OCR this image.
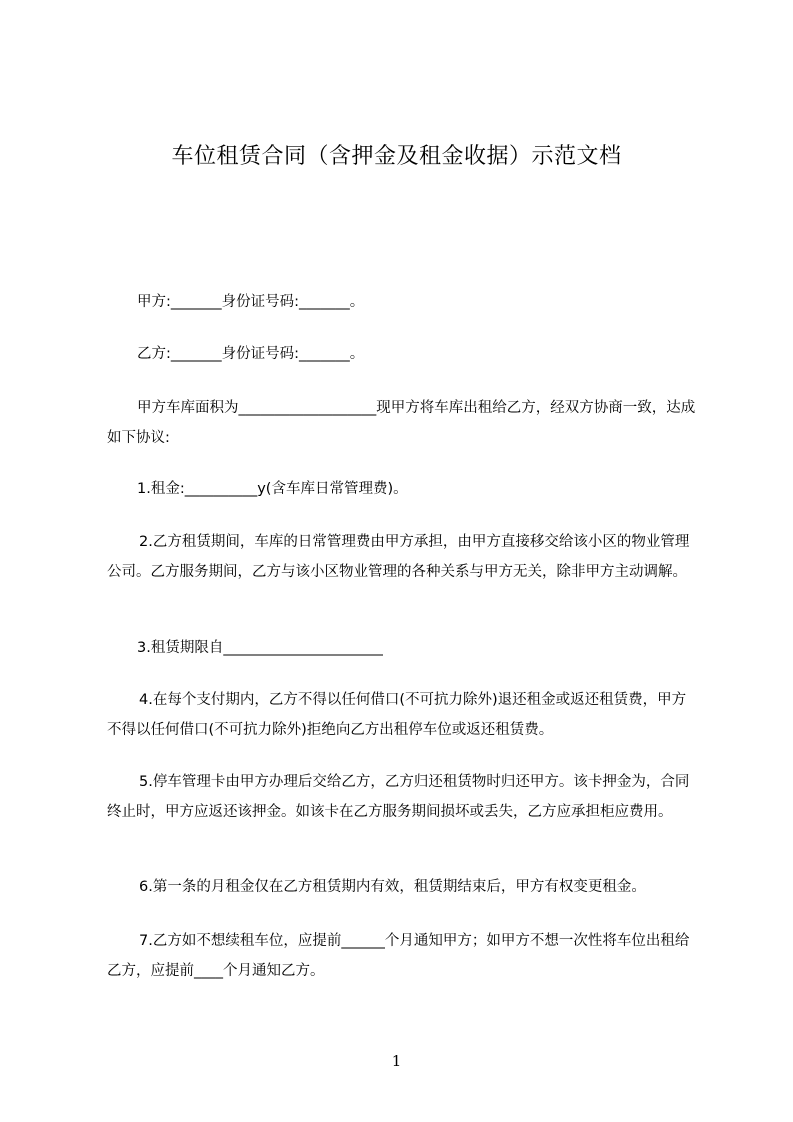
车位租赁合同（含押金及租金收据）示范文档
甲方:_______身份证号码:_______。
乙方:_______身份证号码:_______。
甲方车库面积为___________________现甲方将车库出租给乙方，经双方协商一致，达成如下协议:
1.租金:__________y(含车库日常管理费)。
2.乙方租赁期间，车库的日常管理费由甲方承担，由甲方直接移交给该小区的物业管理公司。乙方服务期间，乙方与该小区物业管理的各种关系与甲方无关，除非甲方主动调解。
3.租赁期限自______________________
4.在每个支付期内，乙方不得以任何借口(不可抗力除外)退还租金或返还租赁费，甲方不得以任何借口(不可抗力除外)拒绝向乙方出租停车位或返还租赁费。
5.停车管理卡由甲方办理后交给乙方，乙方归还租赁物时归还甲方。该卡押金为，合同终止时，甲方应返还该押金。如该卡在乙方服务期间损坏或丢失，乙方应承担柜应费用。
6.第一条的月租金仅在乙方租赁期内有效，租赁期结束后，甲方有权变更租金。
7.乙方如不想续租车位，应提前______个月通知甲方；如甲方不想一次性将车位出租给乙方，应提前____个月通知乙方。
1
